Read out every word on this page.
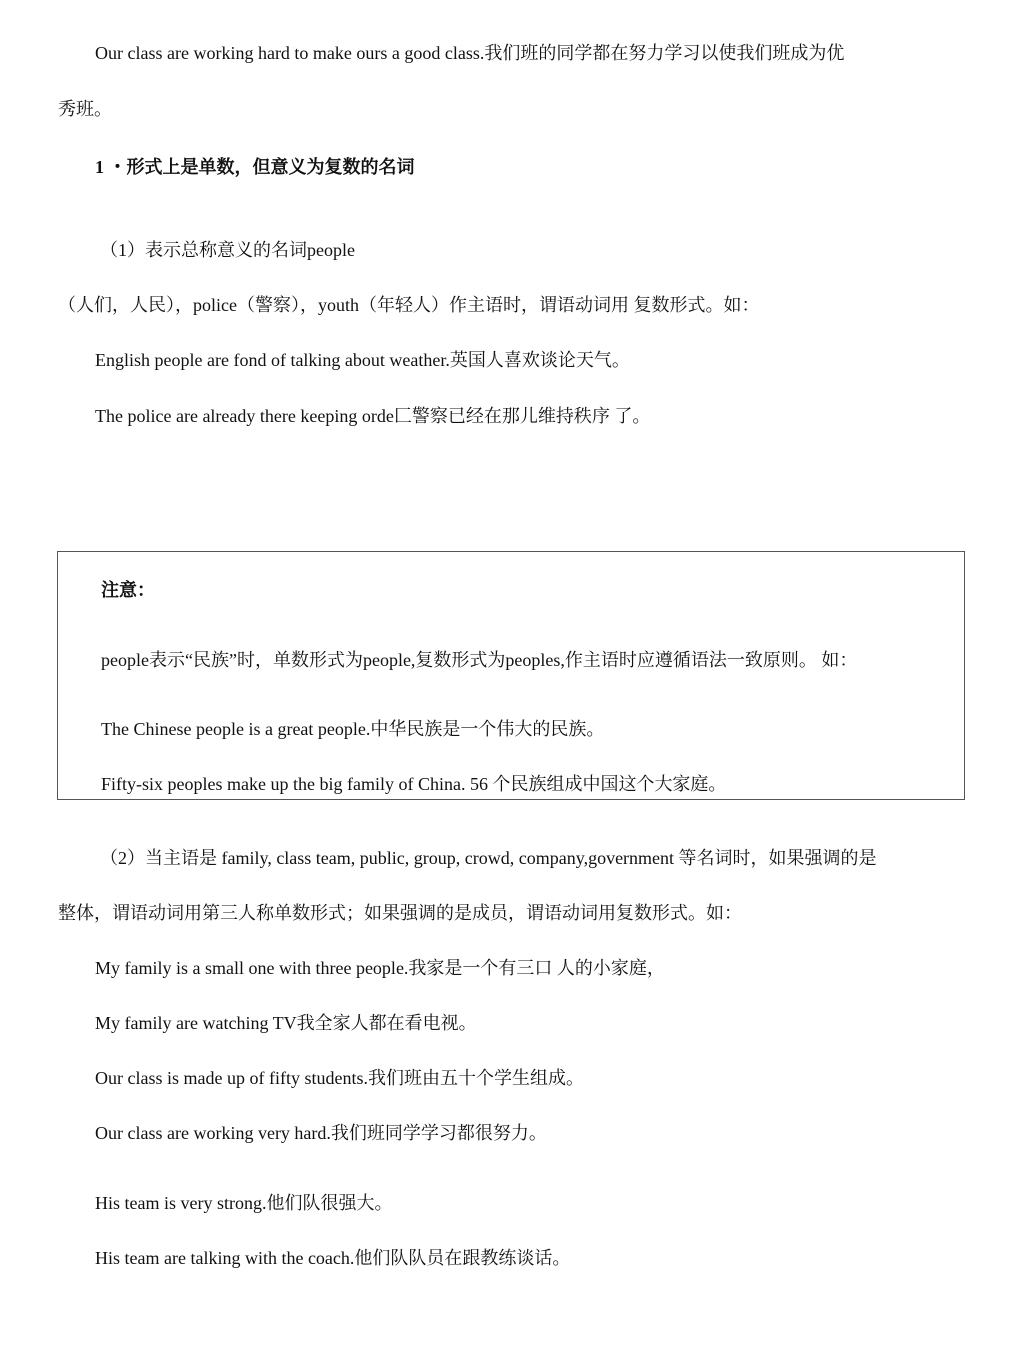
Our class are working hard to make ours a good class.我们班的同学都在努力学习以使我们班成为优
秀班。
1 ・形式上是单数，但意义为复数的名词
（1）表示总称意义的名词people
（人们，人民），police（警察），youth（年轻人）作主语时，谓语动词用 复数形式。如：
English people are fond of talking about weather.英国人喜欢谈论天气。
The police are already there keeping orde匚警察已经在那儿维持秩序 了。
注意：
people表示“民族”时，单数形式为people,复数形式为peoples,作主语时应遵循语法一致原则。 如：
The Chinese people is a great people.中华民族是一个伟大的民族。
Fifty-six peoples make up the big family of China. 56 个民族组成中国这个大家庭。
（2）当主语是 family, class team, public, group, crowd, company,government 等名词时，如果强调的是
整体，谓语动词用第三人称单数形式；如果强调的是成员，谓语动词用复数形式。如：
My family is a small one with three people.我家是一个有三口 人的小家庭，
My family are watching TV我全家人都在看电视。
Our class is made up of fifty students.我们班由五十个学生组成。
Our class are working very hard.我们班同学学习都很努力。
His team is very strong.他们队很强大。
His team are talking with the coach.他们队队员在跟教练谈话。
